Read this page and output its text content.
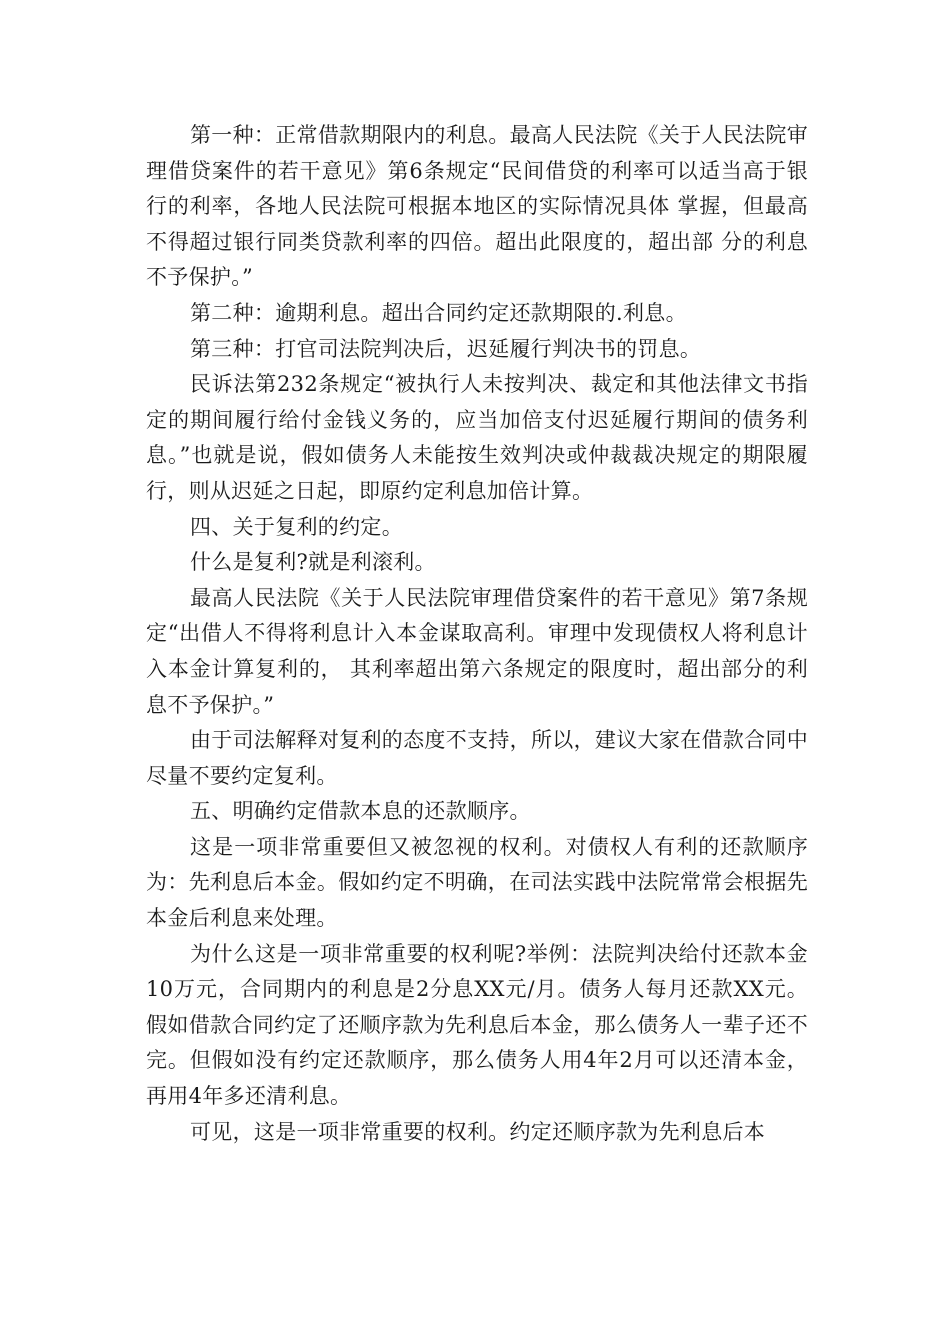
第一种：正常借款期限内的利息。最高人民法院《关于人民法院审理借贷案件的若干意见》第6条规定“民间借贷的利率可以适当高于银行的利率，各地人民法院可根据本地区的实际情况具体 掌握，但最高不得超过银行同类贷款利率的四倍。超出此限度的，超出部 分的利息不予保护。”

第二种：逾期利息。超出合同约定还款期限的.利息。

第三种：打官司法院判决后，迟延履行判决书的罚息。

民诉法第232条规定“被执行人未按判决、裁定和其他法律文书指定的期间履行给付金钱义务的，应当加倍支付迟延履行期间的债务利息。”也就是说，假如债务人未能按生效判决或仲裁裁决规定的期限履行，则从迟延之日起，即原约定利息加倍计算。

四、关于复利的约定。

什么是复利?就是利滚利。

最高人民法院《关于人民法院审理借贷案件的若干意见》第7条规定“出借人不得将利息计入本金谋取高利。审理中发现债权人将利息计入本金计算复利的， 其利率超出第六条规定的限度时，超出部分的利息不予保护。”

由于司法解释对复利的态度不支持，所以，建议大家在借款合同中尽量不要约定复利。

五、明确约定借款本息的还款顺序。

这是一项非常重要但又被忽视的权利。对债权人有利的还款顺序为：先利息后本金。假如约定不明确，在司法实践中法院常常会根据先本金后利息来处理。

为什么这是一项非常重要的权利呢?举例：法院判决给付还款本金10万元，合同期内的利息是2分息XX元/月。债务人每月还款XX元。假如借款合同约定了还顺序款为先利息后本金，那么债务人一辈子还不完。但假如没有约定还款顺序，那么债务人用4年2月可以还清本金，再用4年多还清利息。

可见，这是一项非常重要的权利。约定还顺序款为先利息后本
